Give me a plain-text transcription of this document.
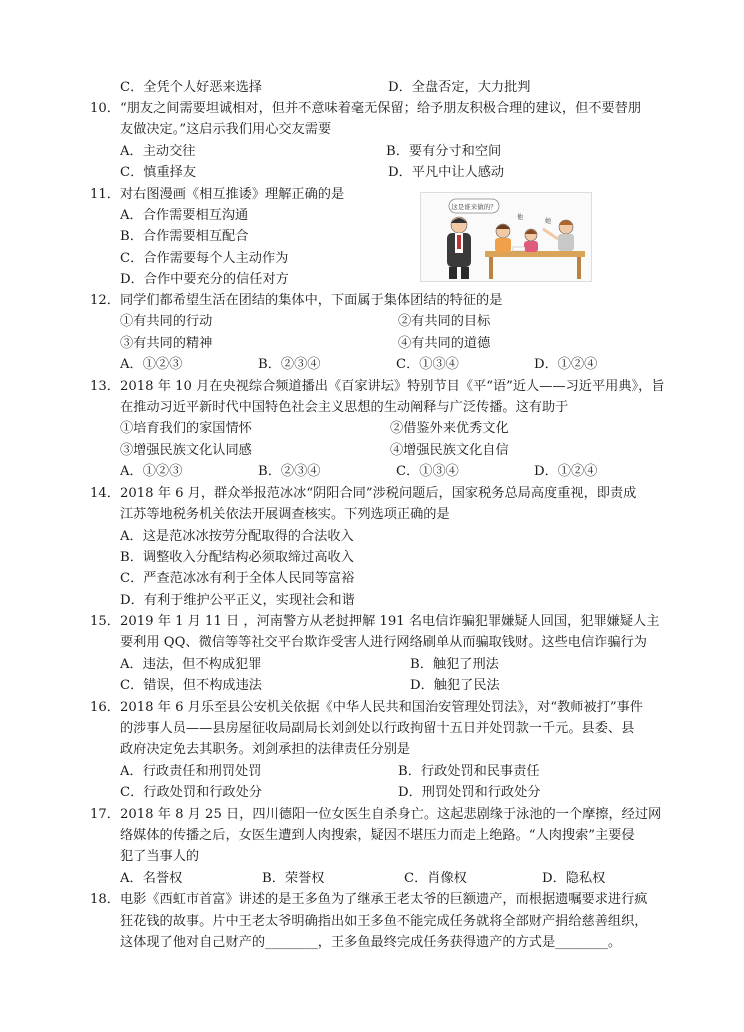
C．全凭个人好恶来选择	D．全盘否定，大力批判
10．“朋友之间需要坦诚相对，但并不意味着毫无保留；给予朋友积极合理的建议，但不要替朋
友做决定。”这启示我们用心交友需要
A．主动交往	B．要有分寸和空间
C．慎重择友	D．平凡中让人感动
11．对右图漫画《相互推诿》理解正确的是
A．合作需要相互沟通
B．合作需要相互配合
C．合作需要每个人主动作为
D．合作中要充分的信任对方
这是谁来做的？
他
她
12．同学们都希望生活在团结的集体中，下面属于集体团结的特征的是
①有共同的行动	②有共同的目标
③有共同的精神	④有共同的道德
A．①②③	B．②③④	C．①③④	D．①②④
13．2018 年 10 月在央视综合频道播出《百家讲坛》特别节目《平“语”近人——习近平用典》，旨
在推动习近平新时代中国特色社会主义思想的生动阐释与广泛传播。这有助于
①培育我们的家国情怀	②借鉴外来优秀文化
③增强民族文化认同感	④增强民族文化自信
A．①②③	B．②③④	C．①③④	D．①②④
14．2018 年 6 月，群众举报范冰冰“阴阳合同”涉税问题后，国家税务总局高度重视，即责成
江苏等地税务机关依法开展调查核实。下列选项正确的是
A．这是范冰冰按劳分配取得的合法收入
B．调整收入分配结构必须取缔过高收入
C．严查范冰冰有利于全体人民同等富裕
D．有利于维护公平正义，实现社会和谐
15．2019 年 1 月 11 日 ，河南警方从老挝押解 191 名电信诈骗犯罪嫌疑人回国，犯罪嫌疑人主
要利用 QQ、微信等等社交平台欺诈受害人进行网络刷单从而骗取钱财。这些电信诈骗行为
A．违法，但不构成犯罪	B．触犯了刑法
C．错误，但不构成违法	D．触犯了民法
16．2018 年 6 月乐至县公安机关依据《中华人民共和国治安管理处罚法》，对“教师被打”事件
的涉事人员——县房屋征收局副局长刘剑处以行政拘留十五日并处罚款一千元。县委、县
政府决定免去其职务。刘剑承担的法律责任分别是
A．行政责任和刑罚处罚	B．行政处罚和民事责任
C．行政处罚和行政处分	D．刑罚处罚和行政处分
17．2018 年 8 月 25 日，四川德阳一位女医生自杀身亡。这起悲剧缘于泳池的一个摩擦，经过网
络媒体的传播之后，女医生遭到人肉搜索，疑因不堪压力而走上绝路。“人肉搜索”主要侵
犯了当事人的
A．名誉权	B．荣誉权	C．肖像权	D．隐私权
18．电影《西虹市首富》讲述的是王多鱼为了继承王老太爷的巨额遗产，而根据遗嘱要求进行疯
狂花钱的故事。片中王老太爷明确指出如王多鱼不能完成任务就将全部财产捐给慈善组织，
这体现了他对自己财产的________，王多鱼最终完成任务获得遗产的方式是________。
